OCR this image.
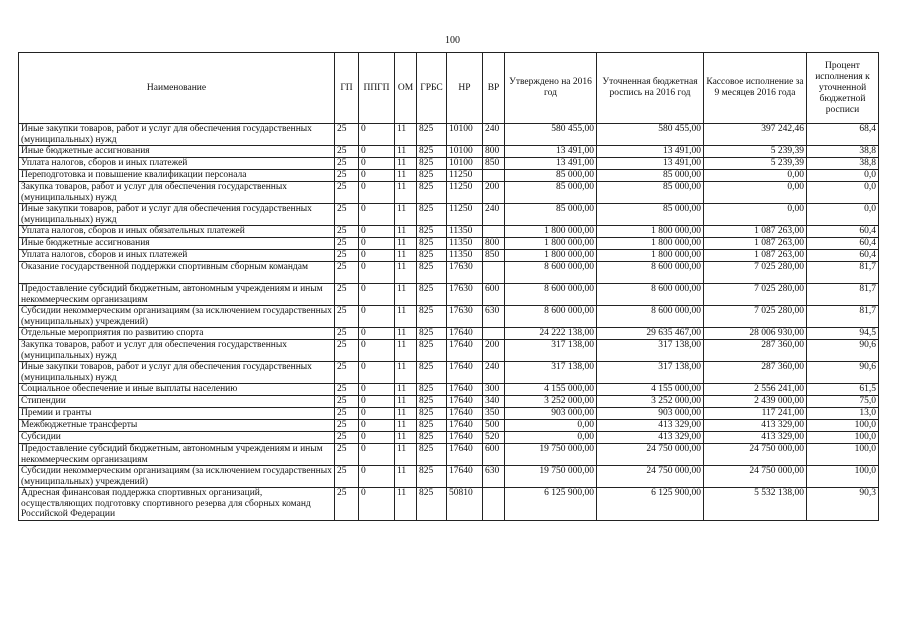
100
Наименование	ГП	ППГП	ОМ	ГРБС	НР	ВР	Утверждено на 2016 год	Уточненная бюджетная роспись на 2016 год	Кассовое исполнение за 9 месяцев 2016 года	Процент исполнения к уточненной бюджетной росписи
Иные закупки товаров, работ и услуг для обеспечения государственных (муниципальных) нужд	25	0	11	825	10100	240	580 455,00	580 455,00	397 242,46	68,4
Иные бюджетные ассигнования	25	0	11	825	10100	800	13 491,00	13 491,00	5 239,39	38,8
Уплата налогов, сборов и иных платежей	25	0	11	825	10100	850	13 491,00	13 491,00	5 239,39	38,8
Переподготовка и повышение квалификации персонала	25	0	11	825	11250		85 000,00	85 000,00	0,00	0,0
Закупка товаров, работ и услуг для обеспечения государственных (муниципальных) нужд	25	0	11	825	11250	200	85 000,00	85 000,00	0,00	0,0
Иные закупки товаров, работ и услуг для обеспечения государственных (муниципальных) нужд	25	0	11	825	11250	240	85 000,00	85 000,00	0,00	0,0
Уплата налогов, сборов и иных обязательных платежей	25	0	11	825	11350		1 800 000,00	1 800 000,00	1 087 263,00	60,4
Иные бюджетные ассигнования	25	0	11	825	11350	800	1 800 000,00	1 800 000,00	1 087 263,00	60,4
Уплата налогов, сборов и иных платежей	25	0	11	825	11350	850	1 800 000,00	1 800 000,00	1 087 263,00	60,4
Оказание государственной поддержки спортивным сборным командам	25	0	11	825	17630		8 600 000,00	8 600 000,00	7 025 280,00	81,7
Предоставление субсидий бюджетным, автономным учреждениям и иным некоммерческим организациям	25	0	11	825	17630	600	8 600 000,00	8 600 000,00	7 025 280,00	81,7
Субсидии некоммерческим организациям (за исключением государственных (муниципальных) учреждений)	25	0	11	825	17630	630	8 600 000,00	8 600 000,00	7 025 280,00	81,7
Отдельные мероприятия по развитию спорта	25	0	11	825	17640		24 222 138,00	29 635 467,00	28 006 930,00	94,5
Закупка товаров, работ и услуг для обеспечения государственных (муниципальных) нужд	25	0	11	825	17640	200	317 138,00	317 138,00	287 360,00	90,6
Иные закупки товаров, работ и услуг для обеспечения государственных (муниципальных) нужд	25	0	11	825	17640	240	317 138,00	317 138,00	287 360,00	90,6
Социальное обеспечение и иные выплаты населению	25	0	11	825	17640	300	4 155 000,00	4 155 000,00	2 556 241,00	61,5
Стипендии	25	0	11	825	17640	340	3 252 000,00	3 252 000,00	2 439 000,00	75,0
Премии и гранты	25	0	11	825	17640	350	903 000,00	903 000,00	117 241,00	13,0
Межбюджетные трансферты	25	0	11	825	17640	500	0,00	413 329,00	413 329,00	100,0
Субсидии	25	0	11	825	17640	520	0,00	413 329,00	413 329,00	100,0
Предоставление субсидий бюджетным, автономным учреждениям и иным некоммерческим организациям	25	0	11	825	17640	600	19 750 000,00	24 750 000,00	24 750 000,00	100,0
Субсидии некоммерческим организациям (за исключением государственных (муниципальных) учреждений)	25	0	11	825	17640	630	19 750 000,00	24 750 000,00	24 750 000,00	100,0
Адресная финансовая поддержка спортивных организаций, осуществляющих подготовку спортивного резерва для сборных команд Российской Федерации	25	0	11	825	50810		6 125 900,00	6 125 900,00	5 532 138,00	90,3
